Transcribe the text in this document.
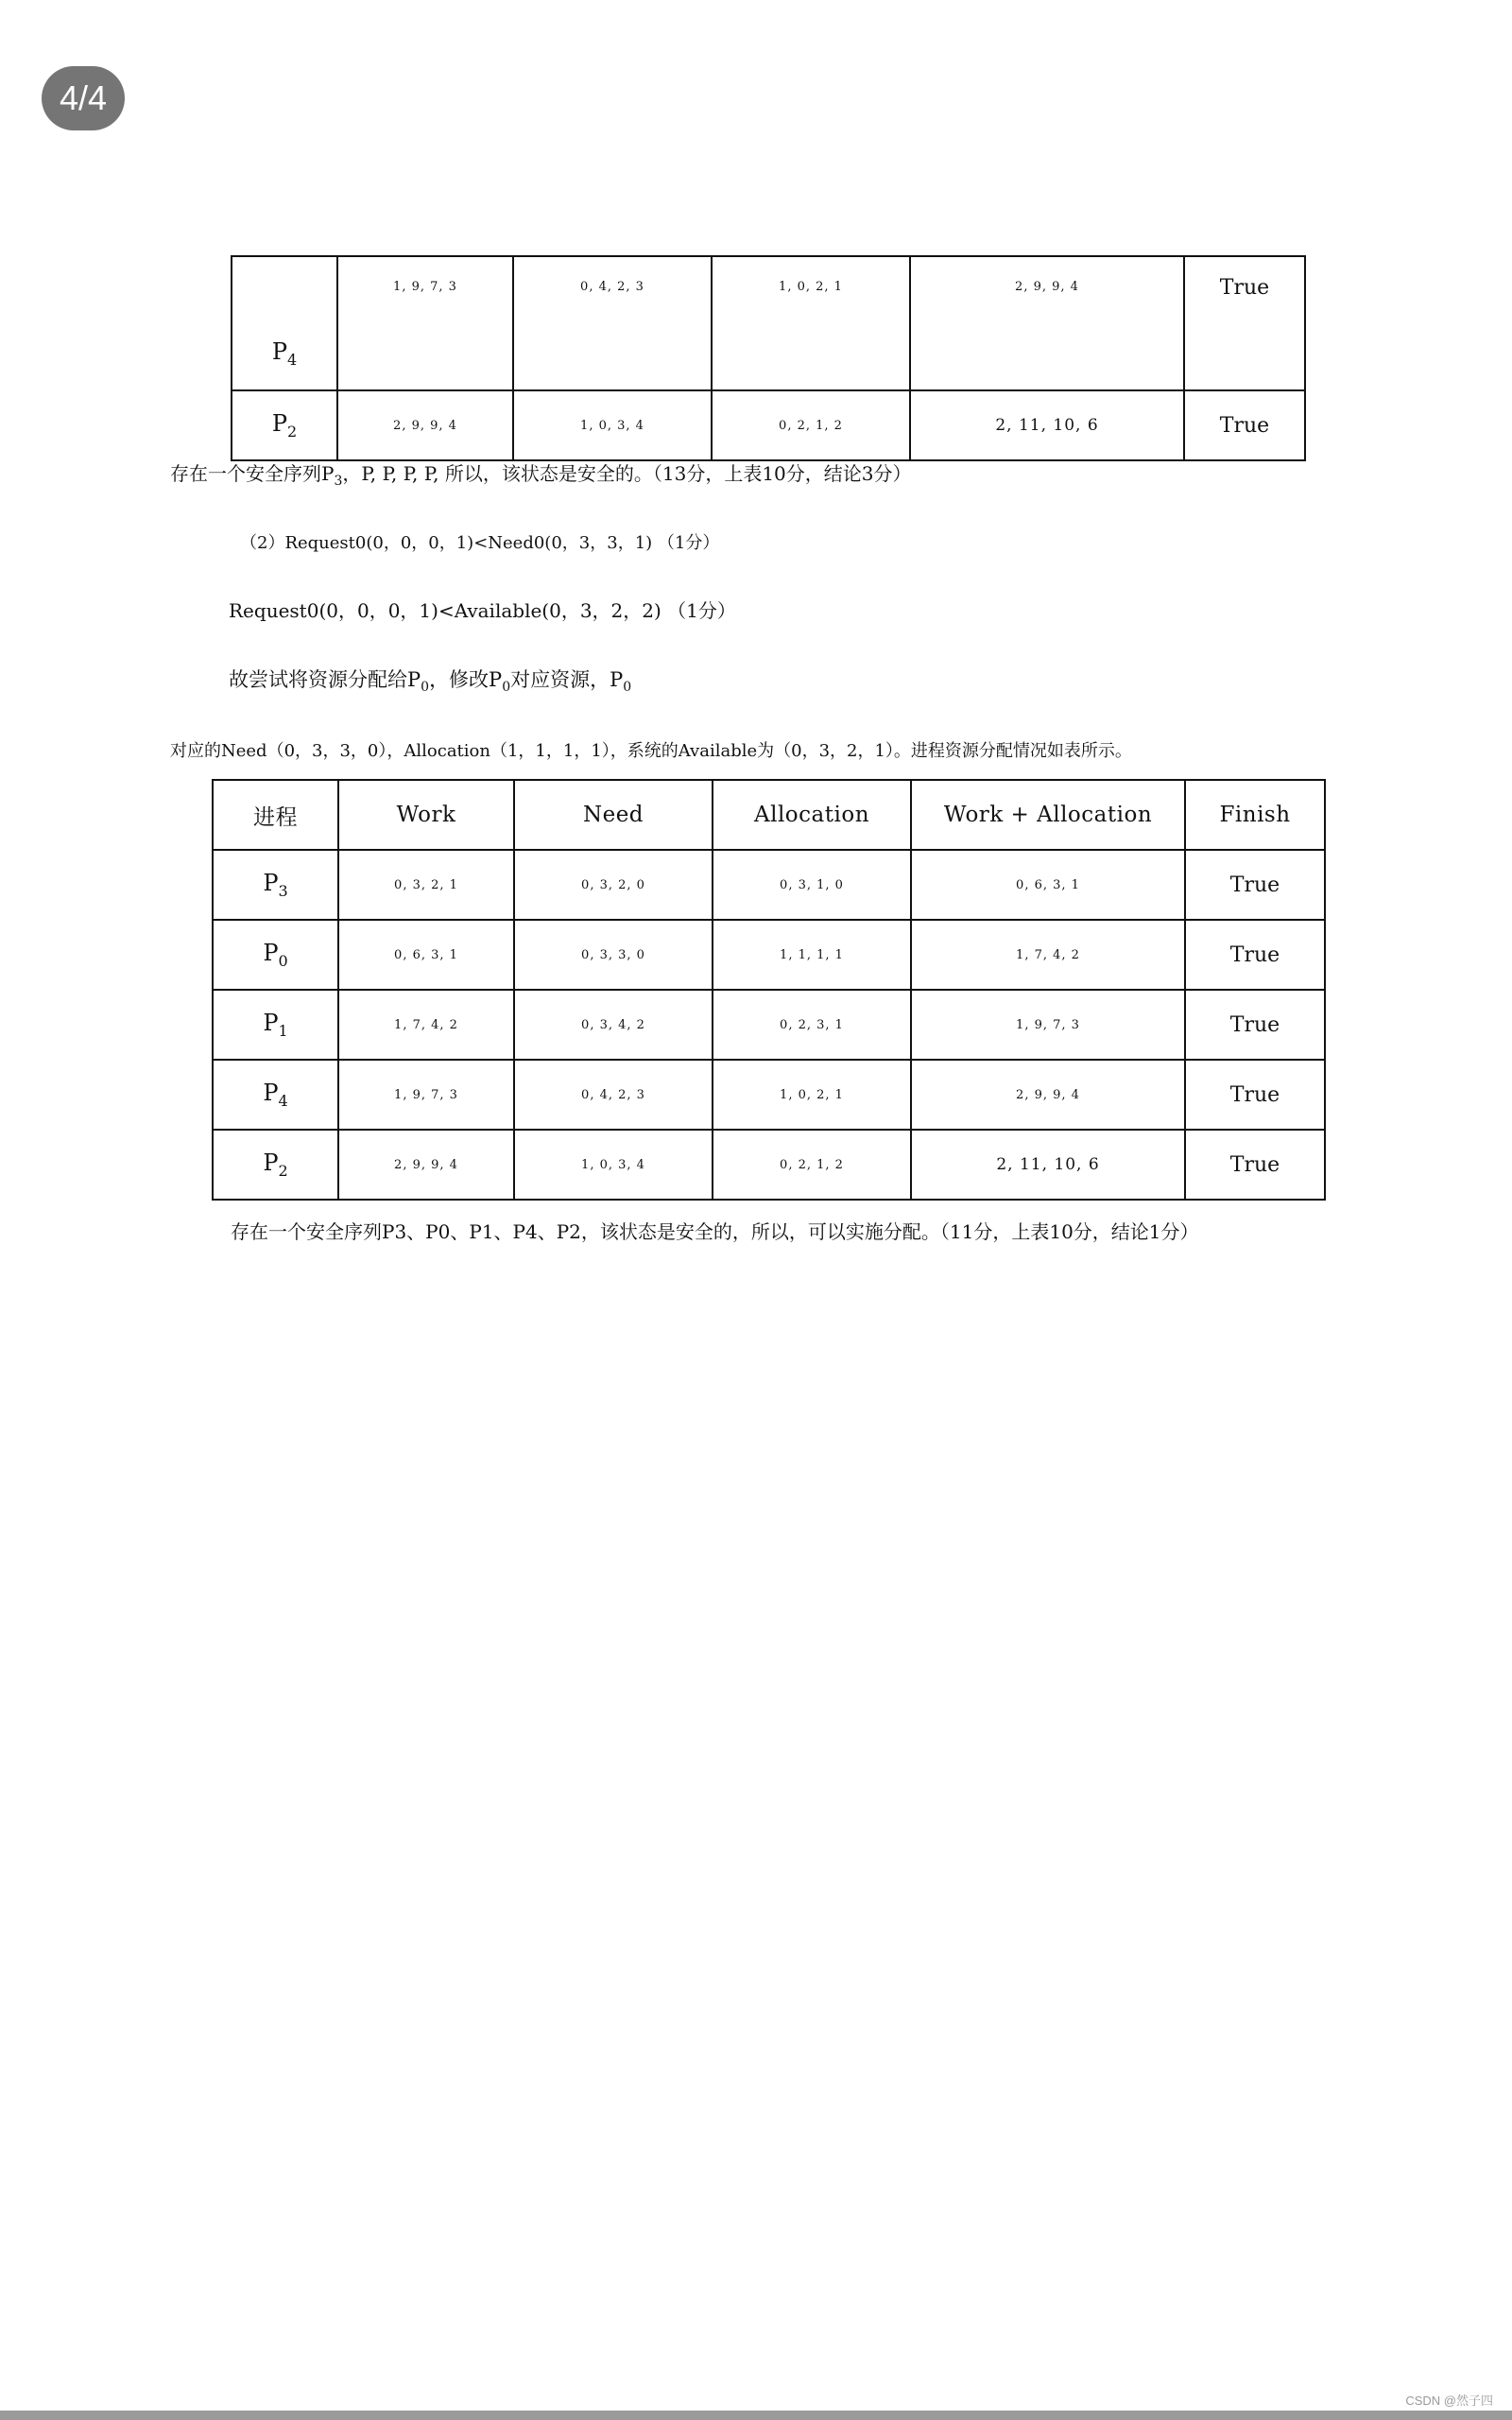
4/4
$P_4$	1, 9, 7, 3	0, 4, 2, 3	1, 0, 2, 1	2, 9, 9, 4	True
$P_2$	2, 9, 9, 4	1, 0, 3, 4	0, 2, 1, 2	2, 11, 10, 6	True
存在一个安全序列$P_3$，P, P, P, P, 所以，该状态是安全的。（13分，上表10分，结论3分）
（2）Request0(0，0，0，1)<Need0(0，3，3，1) （1分）
Request0(0，0，0，1)<Available(0，3，2，2) （1分）
故尝试将资源分配给$P_0$，修改$P_0$对应资源，$P_0$
对应的Need（0，3，3，0），Allocation（1，1，1，1），系统的Available为（0，3，2，1）。进程资源分配情况如表所示。
进程	Work	Need	Allocation	Work + Allocation	Finish
$P_3$	0, 3, 2, 1	0, 3, 2, 0	0, 3, 1, 0	0, 6, 3, 1	True
$P_0$	0, 6, 3, 1	0, 3, 3, 0	1, 1, 1, 1	1, 7, 4, 2	True
$P_1$	1, 7, 4, 2	0, 3, 4, 2	0, 2, 3, 1	1, 9, 7, 3	True
$P_4$	1, 9, 7, 3	0, 4, 2, 3	1, 0, 2, 1	2, 9, 9, 4	True
$P_2$	2, 9, 9, 4	1, 0, 3, 4	0, 2, 1, 2	2, 11, 10, 6	True
存在一个安全序列P3、P0、P1、P4、P2，该状态是安全的，所以，可以实施分配。（11分，上表10分，结论1分）
CSDN @然子四
